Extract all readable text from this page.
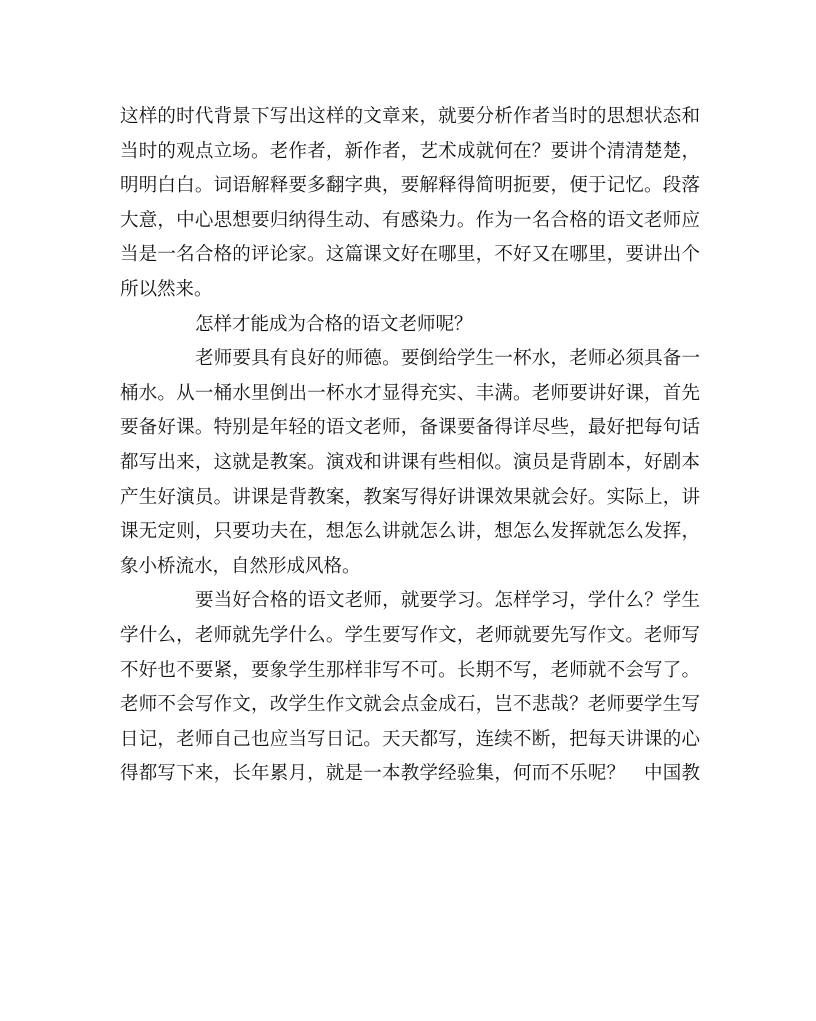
这样的时代背景下写出这样的文章来，就要分析作者当时的思想状态和
当时的观点立场。老作者，新作者，艺术成就何在？要讲个清清楚楚，
明明白白。词语解释要多翻字典，要解释得简明扼要，便于记忆。段落
大意，中心思想要归纳得生动、有感染力。作为一名合格的语文老师应
当是一名合格的评论家。这篇课文好在哪里，不好又在哪里，要讲出个
所以然来。
怎样才能成为合格的语文老师呢？
老师要具有良好的师德。要倒给学生一杯水，老师必须具备一
桶水。从一桶水里倒出一杯水才显得充实、丰满。老师要讲好课，首先
要备好课。特别是年轻的语文老师，备课要备得详尽些，最好把每句话
都写出来，这就是教案。演戏和讲课有些相似。演员是背剧本，好剧本
产生好演员。讲课是背教案，教案写得好讲课效果就会好。实际上，讲
课无定则，只要功夫在，想怎么讲就怎么讲，想怎么发挥就怎么发挥，
象小桥流水，自然形成风格。
要当好合格的语文老师，就要学习。怎样学习，学什么？学生
学什么，老师就先学什么。学生要写作文，老师就要先写作文。老师写
不好也不要紧，要象学生那样非写不可。长期不写，老师就不会写了。
老师不会写作文，改学生作文就会点金成石，岂不悲哉？老师要学生写
日记，老师自己也应当写日记。天天都写，连续不断，把每天讲课的心
得都写下来，长年累月，就是一本教学经验集，何而不乐呢？　中国教
